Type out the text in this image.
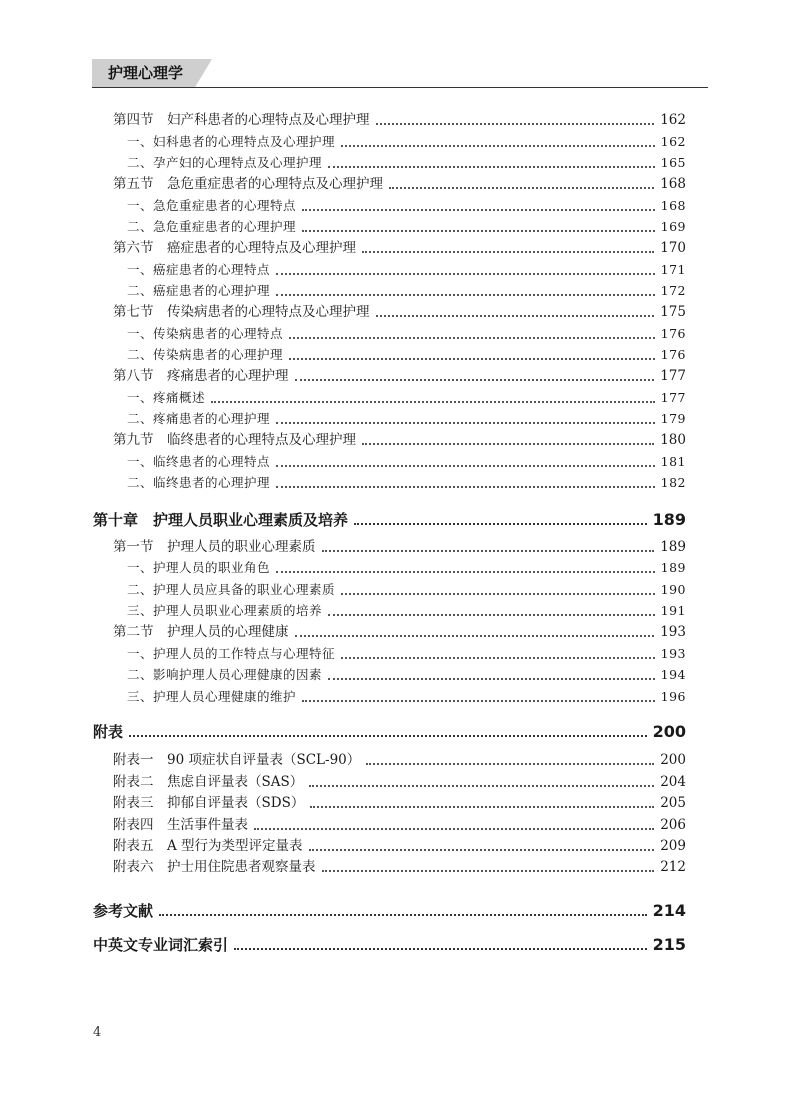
护理心理学
第四节　妇产科患者的心理特点及心理护理	162
一、妇科患者的心理特点及心理护理	162
二、孕产妇的心理特点及心理护理	165
第五节　急危重症患者的心理特点及心理护理	168
一、急危重症患者的心理特点	168
二、急危重症患者的心理护理	169
第六节　癌症患者的心理特点及心理护理	170
一、癌症患者的心理特点	171
二、癌症患者的心理护理	172
第七节　传染病患者的心理特点及心理护理	175
一、传染病患者的心理特点	176
二、传染病患者的心理护理	176
第八节　疼痛患者的心理护理	177
一、疼痛概述	177
二、疼痛患者的心理护理	179
第九节　临终患者的心理特点及心理护理	180
一、临终患者的心理特点	181
二、临终患者的心理护理	182
第十章　护理人员职业心理素质及培养	189
第一节　护理人员的职业心理素质	189
一、护理人员的职业角色	189
二、护理人员应具备的职业心理素质	190
三、护理人员职业心理素质的培养	191
第二节　护理人员的心理健康	193
一、护理人员的工作特点与心理特征	193
二、影响护理人员心理健康的因素	194
三、护理人员心理健康的维护	196
附表	200
附表一　90 项症状自评量表（SCL-90）	200
附表二　焦虑自评量表（SAS）	204
附表三　抑郁自评量表（SDS）	205
附表四　生活事件量表	206
附表五　A 型行为类型评定量表	209
附表六　护士用住院患者观察量表	212
参考文献	214
中英文专业词汇索引	215
4
